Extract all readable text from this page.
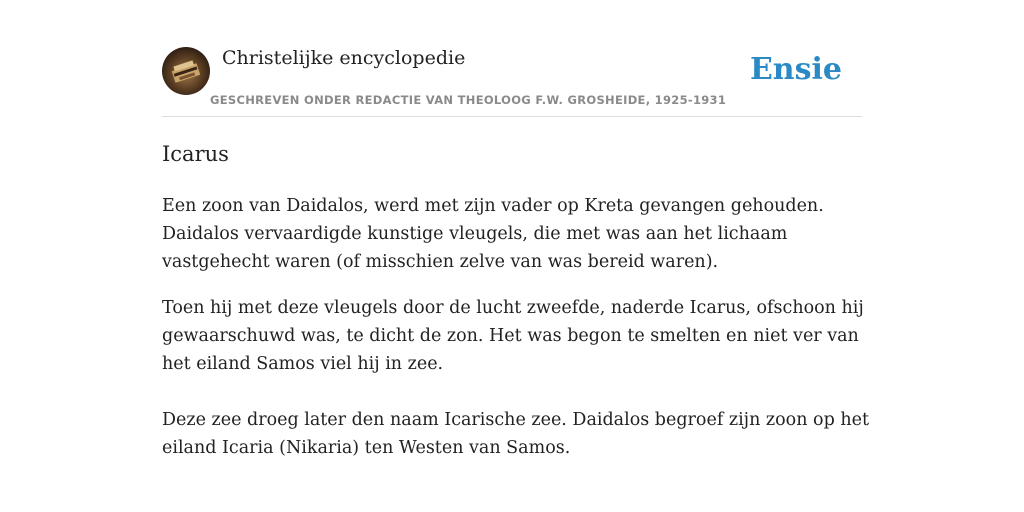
Christelijke encyclopedie
GESCHREVEN ONDER REDACTIE VAN THEOLOOG F.W. GROSHEIDE, 1925-1931
Ensie
Icarus

Een zoon van Daidalos, werd met zijn vader op Kreta gevangen gehouden. Daidalos vervaardigde kunstige vleugels, die met was aan het lichaam vastgehecht waren (of misschien zelve van was bereid waren).

Toen hij met deze vleugels door de lucht zweefde, naderde Icarus, ofschoon hij gewaarschuwd was, te dicht de zon. Het was begon te smelten en niet ver van het eiland Samos viel hij in zee.

Deze zee droeg later den naam Icarische zee. Daidalos begroef zijn zoon op het eiland Icaria (Nikaria) ten Westen van Samos.
